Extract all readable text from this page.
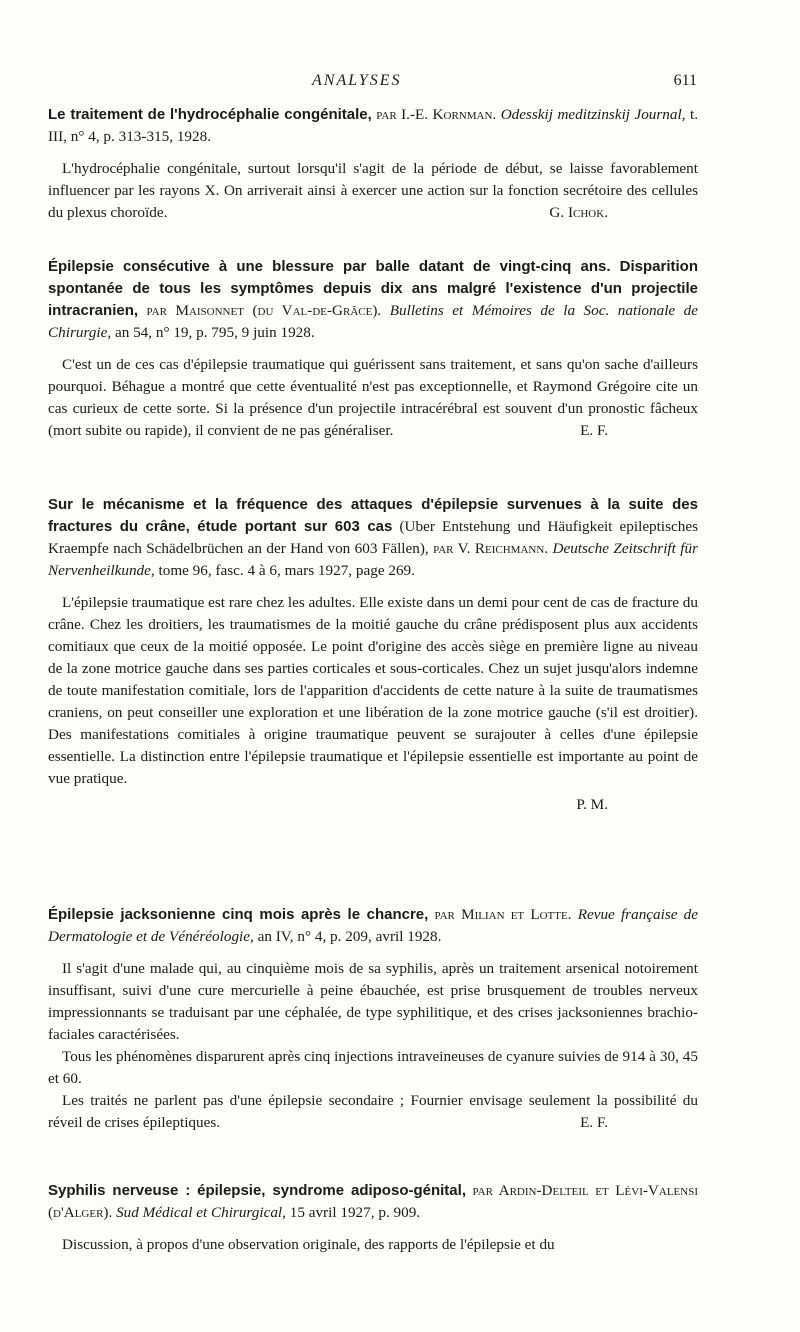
ANALYSES	611

Le traitement de l'hydrocéphalie congénitale, par I.-E. Kornman. Odesskij meditzinskij Journal, t. III, n° 4, p. 313-315, 1928.

L'hydrocéphalie congénitale, surtout lorsqu'il s'agit de la période de début, se laisse favorablement influencer par les rayons X. On arriverait ainsi à exercer une action sur la fonction secrétoire des cellules du plexus choroïde.	G. Ichok.

Épilepsie consécutive à une blessure par balle datant de vingt-cinq ans. Disparition spontanée de tous les symptômes depuis dix ans malgré l'existence d'un projectile intracranien, par Maisonnet (du Val-de-Grâce). Bulletins et Mémoires de la Soc. nationale de Chirurgie, an 54, n° 19, p. 795, 9 juin 1928.

C'est un de ces cas d'épilepsie traumatique qui guérissent sans traitement, et sans qu'on sache d'ailleurs pourquoi. Béhague a montré que cette éventualité n'est pas exceptionnelle, et Raymond Grégoire cite un cas curieux de cette sorte. Si la présence d'un projectile intracérébral est souvent d'un pronostic fâcheux (mort subite ou rapide), il convient de ne pas généraliser.	E. F.

Sur le mécanisme et la fréquence des attaques d'épilepsie survenues à la suite des fractures du crâne, étude portant sur 603 cas (Uber Entstehung und Häufigkeit epileptisches Kraempfe nach Schädelbrüchen an der Hand von 603 Fällen), par V. Reichmann. Deutsche Zeitschrift für Nervenheilkunde, tome 96, fasc. 4 à 6, mars 1927, page 269.

L'épilepsie traumatique est rare chez les adultes. Elle existe dans un demi pour cent de cas de fracture du crâne. Chez les droitiers, les traumatismes de la moitié gauche du crâne prédisposent plus aux accidents comitiaux que ceux de la moitié opposée. Le point d'origine des accès siège en première ligne au niveau de la zone motrice gauche dans ses parties corticales et sous-corticales. Chez un sujet jusqu'alors indemne de toute manifestation comitiale, lors de l'apparition d'accidents de cette nature à la suite de traumatismes craniens, on peut conseiller une exploration et une libération de la zone motrice gauche (s'il est droitier). Des manifestations comitiales à origine traumatique peuvent se surajouter à celles d'une épilepsie essentielle. La distinction entre l'épilepsie traumatique et l'épilepsie essentielle est importante au point de vue pratique.

P. M.

Épilepsie jacksonienne cinq mois après le chancre, par Milian et Lotte. Revue française de Dermatologie et de Vénéréologie, an IV, n° 4, p. 209, avril 1928.

Il s'agit d'une malade qui, au cinquième mois de sa syphilis, après un traitement arsenical notoirement insuffisant, suivi d'une cure mercurielle à peine ébauchée, est prise brusquement de troubles nerveux impressionnants se traduisant par une céphalée, de type syphilitique, et des crises jacksoniennes brachio-faciales caractérisées.

Tous les phénomènes disparurent après cinq injections intraveineuses de cyanure suivies de 914 à 30, 45 et 60.

Les traités ne parlent pas d'une épilepsie secondaire ; Fournier envisage seulement la possibilité du réveil de crises épileptiques.	E. F.

Syphilis nerveuse : épilepsie, syndrome adiposo-génital, par Ardin-Delteil et Lévi-Valensi (d'Alger). Sud Médical et Chirurgical, 15 avril 1927, p. 909.

Discussion, à propos d'une observation originale, des rapports de l'épilepsie et du
